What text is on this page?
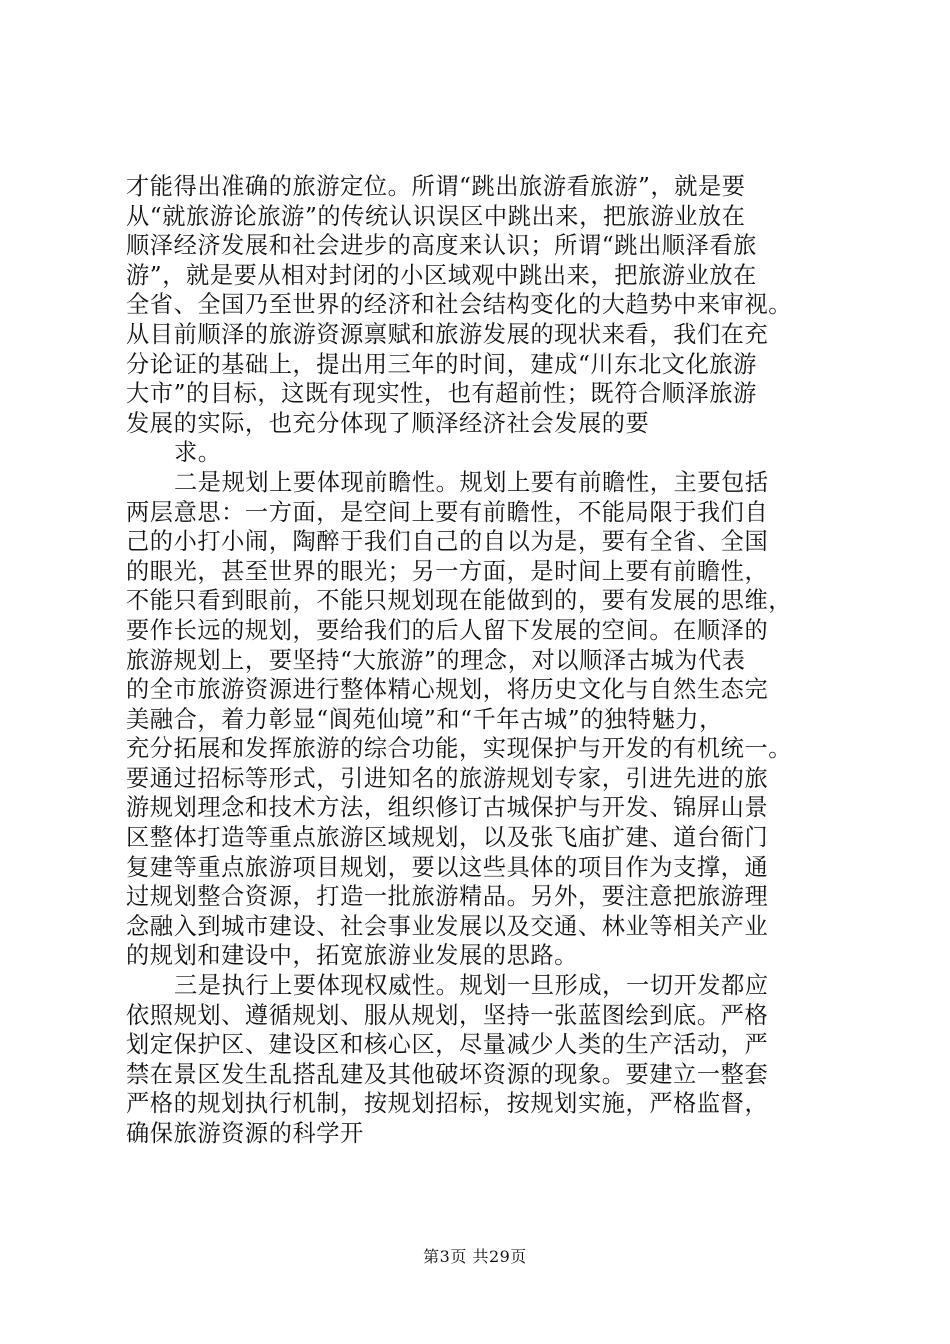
才能得出准确的旅游定位。所谓“跳出旅游看旅游”，就是要
从“就旅游论旅游”的传统认识误区中跳出来，把旅游业放在
顺泽经济发展和社会进步的高度来认识；所谓“跳出顺泽看旅
游”，就是要从相对封闭的小区域观中跳出来，把旅游业放在
全省、全国乃至世界的经济和社会结构变化的大趋势中来审视。
从目前顺泽的旅游资源禀赋和旅游发展的现状来看，我们在充
分论证的基础上，提出用三年的时间，建成“川东北文化旅游
大市”的目标，这既有现实性，也有超前性；既符合顺泽旅游
发展的实际，也充分体现了顺泽经济社会发展的要
求。
二是规划上要体现前瞻性。规划上要有前瞻性，主要包括
两层意思：一方面，是空间上要有前瞻性，不能局限于我们自
己的小打小闹，陶醉于我们自己的自以为是，要有全省、全国
的眼光，甚至世界的眼光；另一方面，是时间上要有前瞻性，
不能只看到眼前，不能只规划现在能做到的，要有发展的思维，
要作长远的规划，要给我们的后人留下发展的空间。在顺泽的
旅游规划上，要坚持“大旅游”的理念，对以顺泽古城为代表
的全市旅游资源进行整体精心规划，将历史文化与自然生态完
美融合，着力彰显“阆苑仙境”和“千年古城”的独特魅力，
充分拓展和发挥旅游的综合功能，实现保护与开发的有机统一。
要通过招标等形式，引进知名的旅游规划专家，引进先进的旅
游规划理念和技术方法，组织修订古城保护与开发、锦屏山景
区整体打造等重点旅游区域规划，以及张飞庙扩建、道台衙门
复建等重点旅游项目规划，要以这些具体的项目作为支撑，通
过规划整合资源，打造一批旅游精品。另外，要注意把旅游理
念融入到城市建设、社会事业发展以及交通、林业等相关产业
的规划和建设中，拓宽旅游业发展的思路。
三是执行上要体现权威性。规划一旦形成，一切开发都应
依照规划、遵循规划、服从规划，坚持一张蓝图绘到底。严格
划定保护区、建设区和核心区，尽量减少人类的生产活动，严
禁在景区发生乱搭乱建及其他破坏资源的现象。要建立一整套
严格的规划执行机制，按规划招标，按规划实施，严格监督，
确保旅游资源的科学开
第3页 共29页
